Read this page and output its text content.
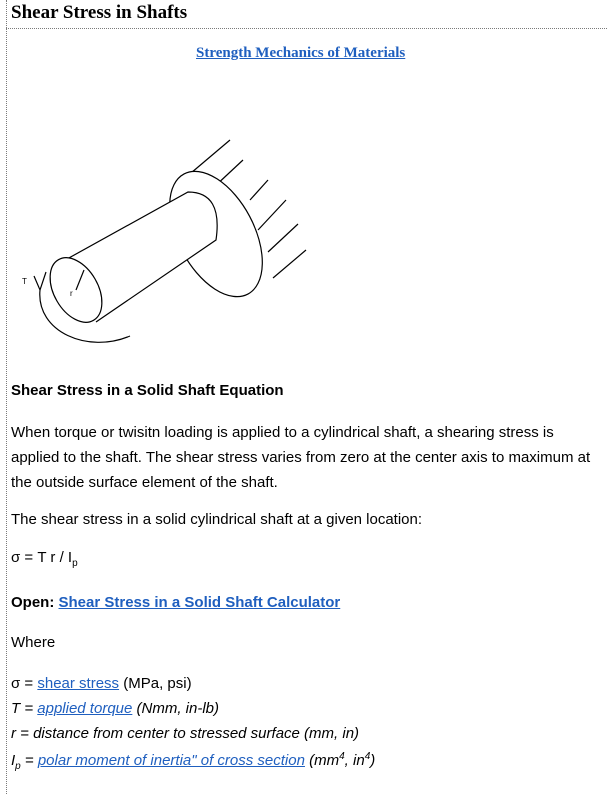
Shear Stress in Shafts
Strength Mechanics of Materials
T
r
Shear Stress in a Solid Shaft Equation
When torque or twisitn loading is applied to a cylindrical shaft, a shearing stress is applied to the shaft. The shear stress varies from zero at the center axis to maximum at the outside surface element of the shaft.
The shear stress in a solid cylindrical shaft at a given location:
σ = T r / $I_p$
Open: Shear Stress in a Solid Shaft Calculator
Where
σ = shear stress (MPa, psi)
T = applied torque (Nmm, in-lb)
r = distance from center to stressed surface (mm, in)
$I_p$ = polar moment of inertia" of cross section ($mm^4$, $in^4$)
